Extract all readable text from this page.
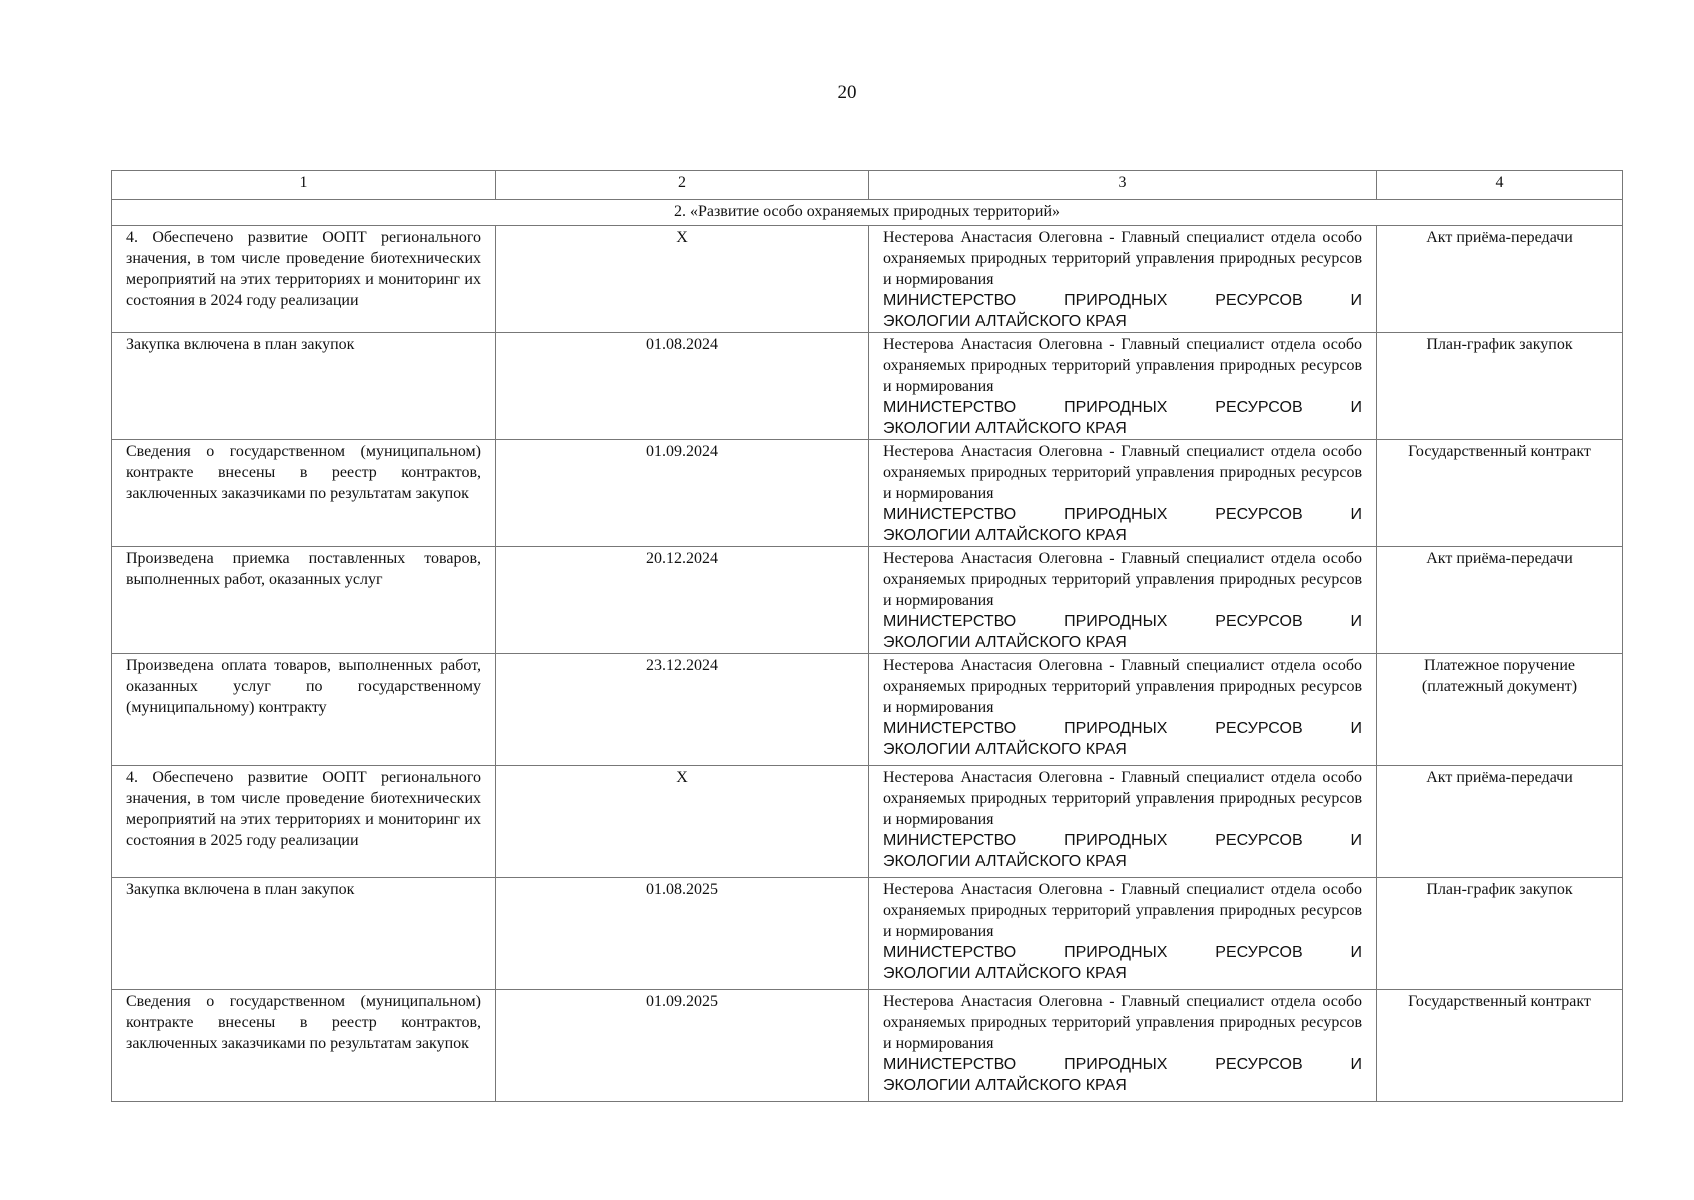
20
1	2	3	4
2. «Развитие особо охраняемых природных территорий»			
4. Обеспечено развитие ООПТ регионального значения, в том числе проведение биотехнических мероприятий на этих территориях и мониторинг их состояния в 2024 году реализации	Х	Нестерова Анастасия Олеговна - Главный специалист отдела особо охраняемых природных территорий управления природных ресурсов и нормирования
МИНИСТЕРСТВО ПРИРОДНЫХ РЕСУРСОВ И
ЭКОЛОГИИ АЛТАЙСКОГО КРАЯ	Акт приёма-передачи
Закупка включена в план закупок	01.08.2024	Нестерова Анастасия Олеговна - Главный специалист отдела особо охраняемых природных территорий управления природных ресурсов и нормирования
МИНИСТЕРСТВО ПРИРОДНЫХ РЕСУРСОВ И
ЭКОЛОГИИ АЛТАЙСКОГО КРАЯ	План-график закупок
Сведения о государственном (муниципальном) контракте внесены в реестр контрактов, заключенных заказчиками по результатам закупок	01.09.2024	Нестерова Анастасия Олеговна - Главный специалист отдела особо охраняемых природных территорий управления природных ресурсов и нормирования
МИНИСТЕРСТВО ПРИРОДНЫХ РЕСУРСОВ И
ЭКОЛОГИИ АЛТАЙСКОГО КРАЯ	Государственный контракт
Произведена приемка поставленных товаров, выполненных работ, оказанных услуг	20.12.2024	Нестерова Анастасия Олеговна - Главный специалист отдела особо охраняемых природных территорий управления природных ресурсов и нормирования
МИНИСТЕРСТВО ПРИРОДНЫХ РЕСУРСОВ И
ЭКОЛОГИИ АЛТАЙСКОГО КРАЯ	Акт приёма-передачи
Произведена оплата товаров, выполненных работ, оказанных услуг по государственному (муниципальному) контракту	23.12.2024	Нестерова Анастасия Олеговна - Главный специалист отдела особо охраняемых природных территорий управления природных ресурсов и нормирования
МИНИСТЕРСТВО ПРИРОДНЫХ РЕСУРСОВ И
ЭКОЛОГИИ АЛТАЙСКОГО КРАЯ	Платежное поручение (платежный документ)
4. Обеспечено развитие ООПТ регионального значения, в том числе проведение биотехнических мероприятий на этих территориях и мониторинг их состояния в 2025 году реализации	Х	Нестерова Анастасия Олеговна - Главный специалист отдела особо охраняемых природных территорий управления природных ресурсов и нормирования
МИНИСТЕРСТВО ПРИРОДНЫХ РЕСУРСОВ И
ЭКОЛОГИИ АЛТАЙСКОГО КРАЯ	Акт приёма-передачи
Закупка включена в план закупок	01.08.2025	Нестерова Анастасия Олеговна - Главный специалист отдела особо охраняемых природных территорий управления природных ресурсов и нормирования
МИНИСТЕРСТВО ПРИРОДНЫХ РЕСУРСОВ И
ЭКОЛОГИИ АЛТАЙСКОГО КРАЯ	План-график закупок
Сведения о государственном (муниципальном) контракте внесены в реестр контрактов, заключенных заказчиками по результатам закупок	01.09.2025	Нестерова Анастасия Олеговна - Главный специалист отдела особо охраняемых природных территорий управления природных ресурсов и нормирования
МИНИСТЕРСТВО ПРИРОДНЫХ РЕСУРСОВ И
ЭКОЛОГИИ АЛТАЙСКОГО КРАЯ	Государственный контракт
